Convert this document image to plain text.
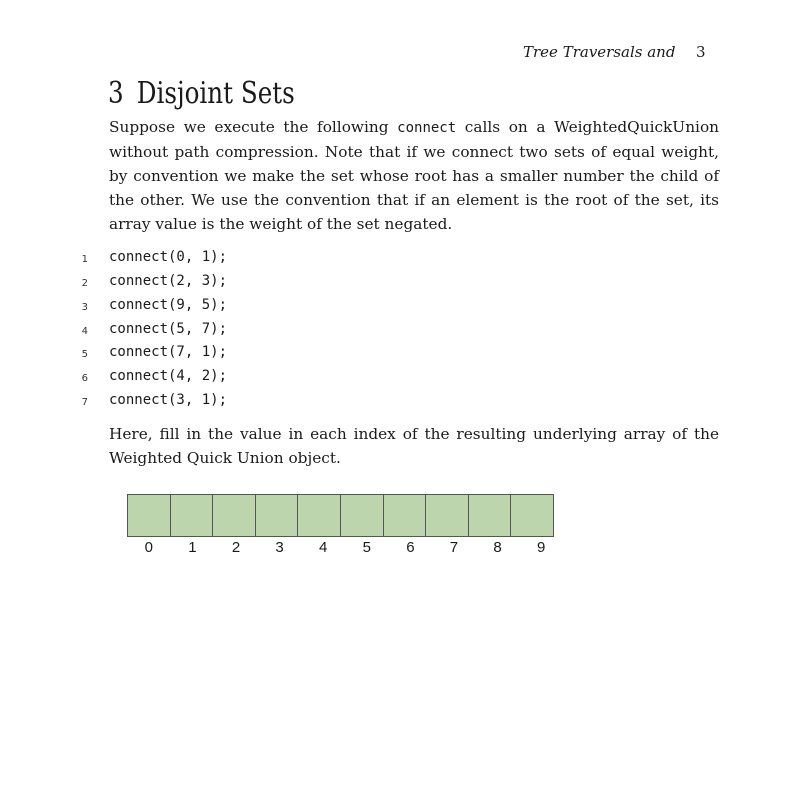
Tree Traversals and 3
3 Disjoint Sets
Suppose we execute the following connect calls on a WeightedQuickUnion without path compression. Note that if we connect two sets of equal weight, by convention we make the set whose root has a smaller number the child of the other. We use the convention that if an element is the root of the set, its array value is the weight of the set negated.
1 connect(0, 1);
2 connect(2, 3);
3 connect(9, 5);
4 connect(5, 7);
5 connect(7, 1);
6 connect(4, 2);
7 connect(3, 1);
Here, fill in the value in each index of the resulting underlying array of the Weighted Quick Union object.
0	1	2	3	4	5	6	7	8	9
